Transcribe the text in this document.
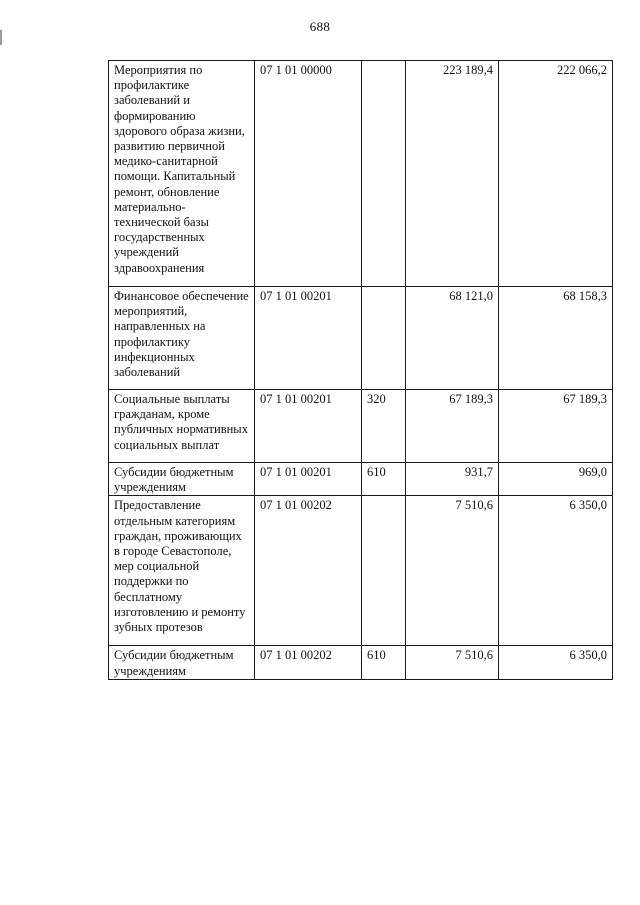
688
Мероприятия по профилактике заболеваний и формированию здорового образа жизни, развитию первичной медико-санитарной помощи. Капитальный ремонт, обновление материально-технической базы государственных учреждений здравоохранения	07 1 01 00000		223 189,4	222 066,2
Финансовое обеспечение мероприятий, направленных на профилактику инфекционных заболеваний	07 1 01 00201		68 121,0	68 158,3
Социальные выплаты гражданам, кроме публичных нормативных социальных выплат	07 1 01 00201	320	67 189,3	67 189,3
Субсидии бюджетным учреждениям	07 1 01 00201	610	931,7	969,0
Предоставление отдельным категориям граждан, проживающих в городе Севастополе, мер социальной поддержки по бесплатному изготовлению и ремонту зубных протезов	07 1 01 00202		7 510,6	6 350,0
Субсидии бюджетным учреждениям	07 1 01 00202	610	7 510,6	6 350,0
